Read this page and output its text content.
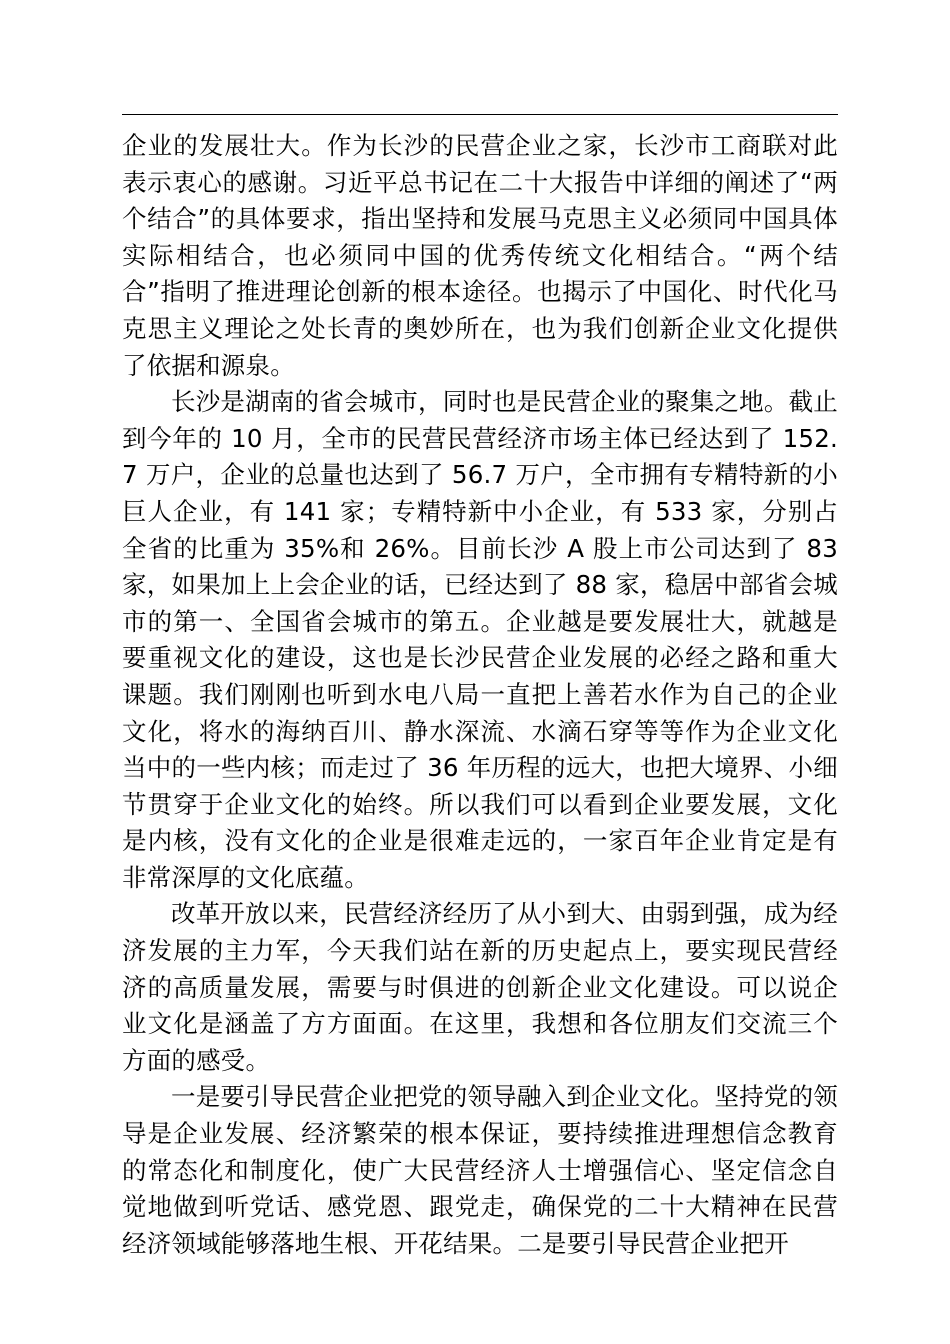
企业的发展壮大。作为长沙的民营企业之家，长沙市工商联对此表示衷心的感谢。习近平总书记在二十大报告中详细的阐述了“两个结合”的具体要求，指出坚持和发展马克思主义必须同中国具体实际相结合，也必须同中国的优秀传统文化相结合。“两个结合”指明了推进理论创新的根本途径。也揭示了中国化、时代化马克思主义理论之处长青的奥妙所在，也为我们创新企业文化提供了依据和源泉。

长沙是湖南的省会城市，同时也是民营企业的聚集之地。截止到今年的 10 月，全市的民营民营经济市场主体已经达到了 152.7 万户，企业的总量也达到了 56.7 万户，全市拥有专精特新的小巨人企业，有 141 家；专精特新中小企业，有 533 家，分别占全省的比重为 35%和 26%。目前长沙 A 股上市公司达到了 83 家，如果加上上会企业的话，已经达到了 88 家，稳居中部省会城市的第一、全国省会城市的第五。企业越是要发展壮大，就越是要重视文化的建设，这也是长沙民营企业发展的必经之路和重大课题。我们刚刚也听到水电八局一直把上善若水作为自己的企业文化，将水的海纳百川、静水深流、水滴石穿等等作为企业文化当中的一些内核；而走过了 36 年历程的远大，也把大境界、小细节贯穿于企业文化的始终。所以我们可以看到企业要发展，文化是内核，没有文化的企业是很难走远的，一家百年企业肯定是有非常深厚的文化底蕴。

改革开放以来，民营经济经历了从小到大、由弱到强，成为经济发展的主力军，今天我们站在新的历史起点上，要实现民营经济的高质量发展，需要与时俱进的创新企业文化建设。可以说企业文化是涵盖了方方面面。在这里，我想和各位朋友们交流三个方面的感受。

一是要引导民营企业把党的领导融入到企业文化。坚持党的领导是企业发展、经济繁荣的根本保证，要持续推进理想信念教育的常态化和制度化，使广大民营经济人士增强信心、坚定信念自觉地做到听党话、感党恩、跟党走，确保党的二十大精神在民营经济领域能够落地生根、开花结果。二是要引导民营企业把开
